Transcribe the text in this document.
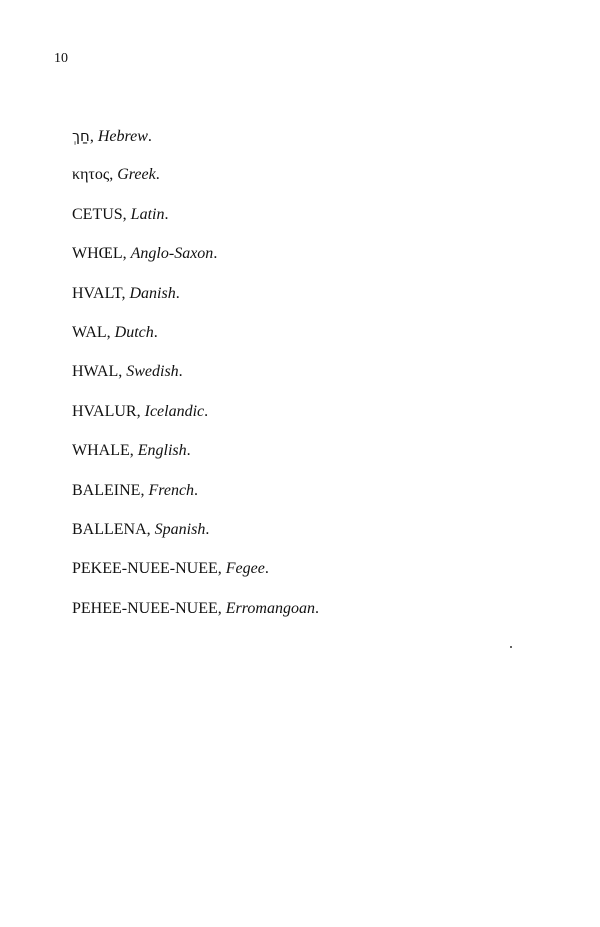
10
חַךְ, Hebrew.
κητος, Greek.
CETUS, Latin.
WHŒL, Anglo-Saxon.
HVALT, Danish.
WAL, Dutch.
HWAL, Swedish.
HVALUR, Icelandic.
WHALE, English.
BALEINE, French.
BALLENA, Spanish.
PEKEE-NUEE-NUEE, Fegee.
PEHEE-NUEE-NUEE, Erromangoan.
